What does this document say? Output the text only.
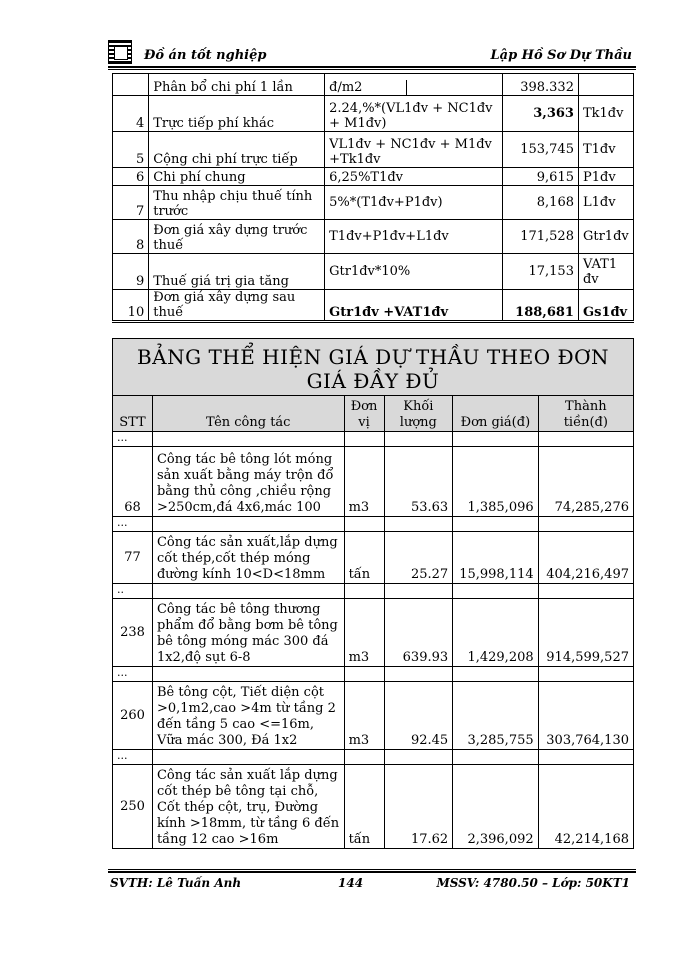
Đồ án tốt nghiệp	Lập Hồ Sơ Dự Thầu
	Phân bổ chi phí 1 lần	đ/m2	398.332	
4	Trực tiếp phí khác	2.24,%*(VL1đv + NC1đv + M1đv)	3,363	Tk1đv
5	Cộng chi phí trực tiếp	VL1đv + NC1đv + M1đv +Tk1đv	153,745	T1đv
6	Chi phí chung	6,25%T1đv	9,615	P1đv
7	Thu nhập chịu thuế tính trước	5%*(T1đv+P1đv)	8,168	L1đv
8	Đơn giá xây dựng trước thuế	T1đv+P1đv+L1đv	171,528	Gtr1đv
9	Thuế giá trị gia tăng	Gtr1đv*10%	17,153	VAT1 đv
10	Đơn giá xây dựng sau thuế	Gtr1đv +VAT1đv	188,681	Gs1đv
BẢNG THỂ HIỆN GIÁ DỰ THẦU THEO ĐƠN GIÁ ĐẦY ĐỦ					
STT	Tên công tác	Đơn vị	Khối lượng	Đơn giá(đ)	Thành tiền(đ)
...					
68	Công tác bê tông lót móng sản xuất bằng máy trộn đổ bằng thủ công ,chiều rộng >250cm,đá 4x6,mác 100	m3	53.63	1,385,096	74,285,276
...					
77	Công tác sản xuất,lắp dựng cốt thép,cốt thép móng đường kính 10<D<18mm	tấn	25.27	15,998,114	404,216,497
..					
238	Công tác bê tông thương phẩm đổ bằng bơm bê tông bê tông móng mác 300 đá 1x2,độ sụt 6-8	m3	639.93	1,429,208	914,599,527
...					
260	Bê tông cột, Tiết diện cột >0,1m2,cao >4m từ tầng 2 đến tầng 5 cao <=16m, Vữa mác 300, Đá 1x2	m3	92.45	3,285,755	303,764,130
...					
250	Công tác sản xuất lắp dựng cốt thép bê tông tại chỗ, Cốt thép cột, trụ, Đường kính >18mm, từ tầng 6 đến tầng 12 cao >16m	tấn	17.62	2,396,092	42,214,168
SVTH: Lê Tuấn Anh	144	MSSV: 4780.50 – Lớp: 50KT1
